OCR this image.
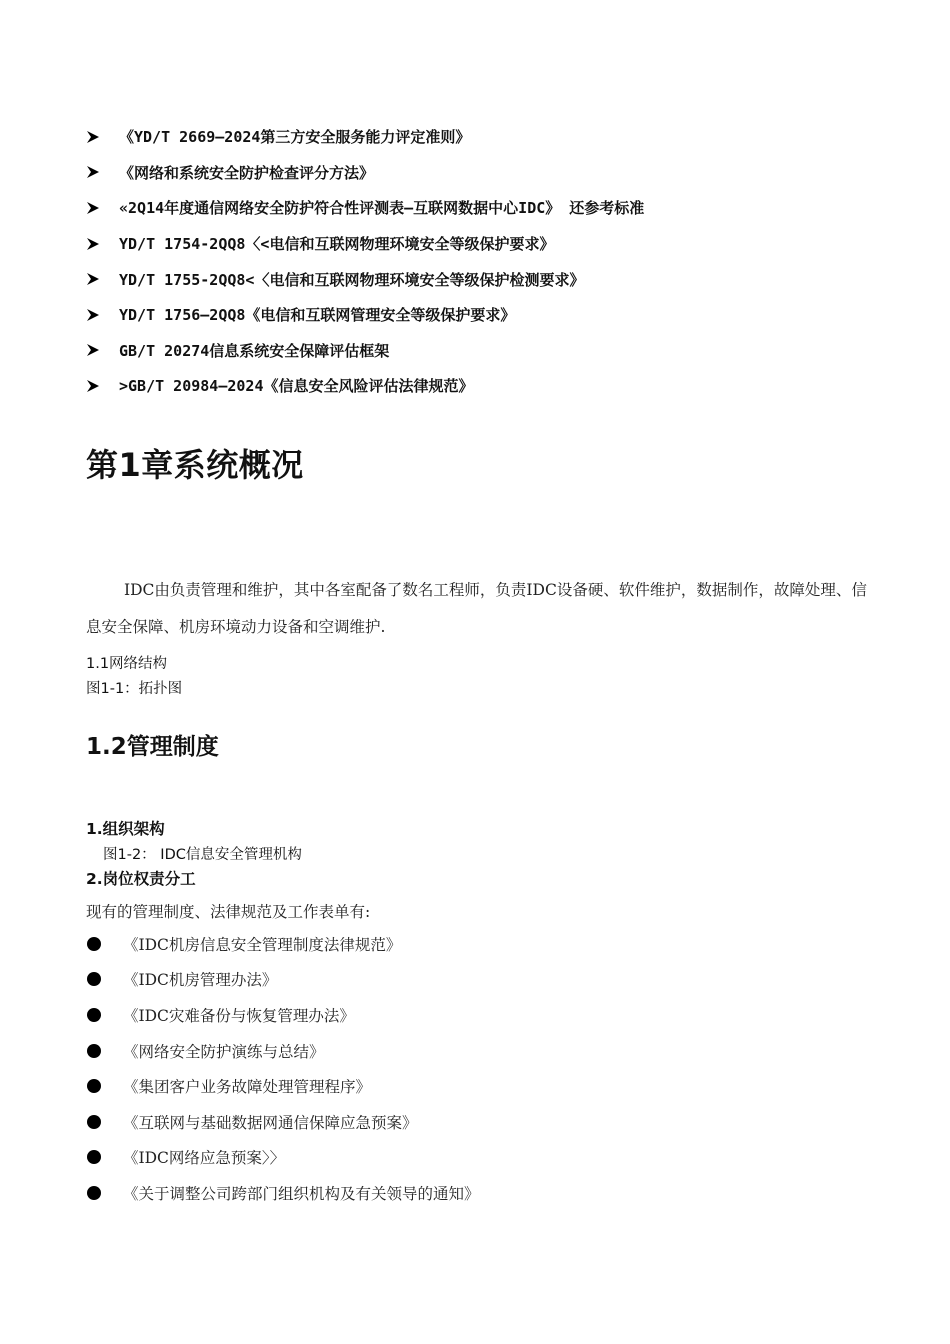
《YD/T 2669—2024第三方安全服务能力评定准则》
《网络和系统安全防护检查评分方法》
«2Q14年度通信网络安全防护符合性评测表—互联网数据中心IDC》 还参考标准
YD/T 1754-2QQ8〈<电信和互联网物理环境安全等级保护要求》
YD/T 1755-2QQ8<〈电信和互联网物理环境安全等级保护检测要求》
YD/T 1756—2QQ8《电信和互联网管理安全等级保护要求》
GB/T 20274信息系统安全保障评估框架
>GB/T 20984—2024《信息安全风险评估法律规范》
第1章系统概况

IDC由负责管理和维护，其中各室配备了数名工程师，负责IDC设备硬、软件维护，数据制作，故障处理、信息安全保障、机房环境动力设备和空调维护.

1.1网络结构

图1-1：拓扑图

1.2管理制度

1.组织架构

图1-2： IDC信息安全管理机构

2.岗位权责分工

现有的管理制度、法律规范及工作表单有:

《IDC机房信息安全管理制度法律规范》
《IDC机房管理办法》
《IDC灾难备份与恢复管理办法》
《网络安全防护演练与总结》
《集团客户业务故障处理管理程序》
《互联网与基础数据网通信保障应急预案》
《IDC网络应急预案〉〉
《关于调整公司跨部门组织机构及有关领导的通知》
